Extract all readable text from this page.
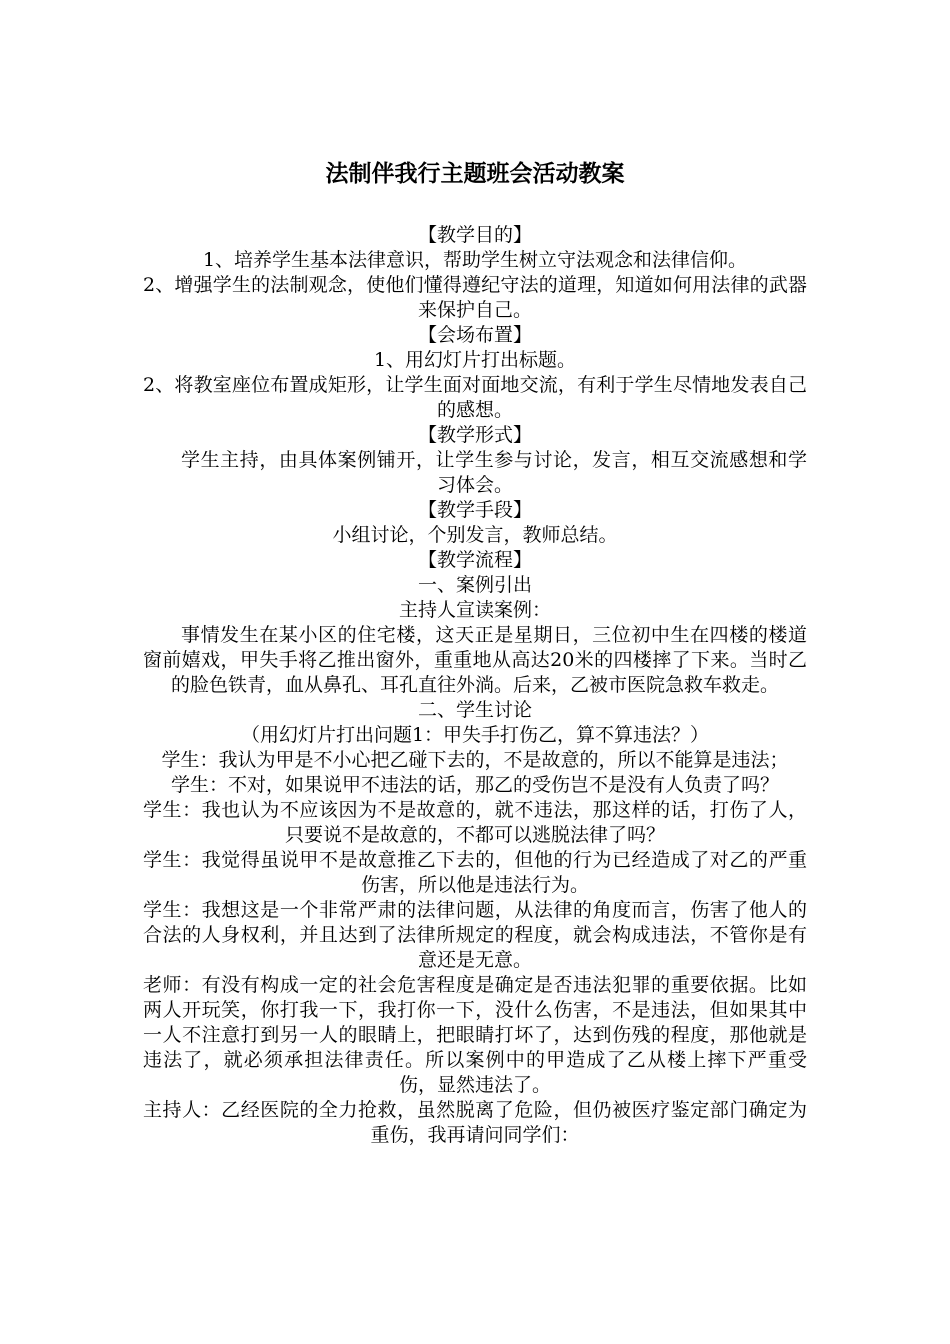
法制伴我行主题班会活动教案

【教学目的】

1、培养学生基本法律意识，帮助学生树立守法观念和法律信仰。

2、增强学生的法制观念，使他们懂得遵纪守法的道理，知道如何用法律的武器来保护自己。

【会场布置】

1、用幻灯片打出标题。

2、将教室座位布置成矩形，让学生面对面地交流，有利于学生尽情地发表自己的感想。

【教学形式】

学生主持，由具体案例铺开，让学生参与讨论，发言，相互交流感想和学习体会。

【教学手段】

小组讨论，个别发言，教师总结。

【教学流程】

一、案例引出

主持人宣读案例：

事情发生在某小区的住宅楼，这天正是星期日，三位初中生在四楼的楼道窗前嬉戏，甲失手将乙推出窗外，重重地从高达20米的四楼摔了下来。当时乙的脸色铁青，血从鼻孔、耳孔直往外淌。后来，乙被市医院急救车救走。

二、学生讨论

（用幻灯片打出问题1：甲失手打伤乙，算不算违法？）

学生：我认为甲是不小心把乙碰下去的，不是故意的，所以不能算是违法；

学生：不对，如果说甲不违法的话，那乙的受伤岂不是没有人负责了吗？

学生：我也认为不应该因为不是故意的，就不违法，那这样的话，打伤了人，只要说不是故意的，不都可以逃脱法律了吗？

学生：我觉得虽说甲不是故意推乙下去的，但他的行为已经造成了对乙的严重伤害，所以他是违法行为。

学生：我想这是一个非常严肃的法律问题，从法律的角度而言，伤害了他人的合法的人身权利，并且达到了法律所规定的程度，就会构成违法，不管你是有意还是无意。

老师：有没有构成一定的社会危害程度是确定是否违法犯罪的重要依据。比如两人开玩笑，你打我一下，我打你一下，没什么伤害，不是违法，但如果其中一人不注意打到另一人的眼睛上，把眼睛打坏了，达到伤残的程度，那他就是违法了，就必须承担法律责任。所以案例中的甲造成了乙从楼上摔下严重受伤，显然违法了。

主持人：乙经医院的全力抢救，虽然脱离了危险，但仍被医疗鉴定部门确定为重伤，我再请问同学们：
